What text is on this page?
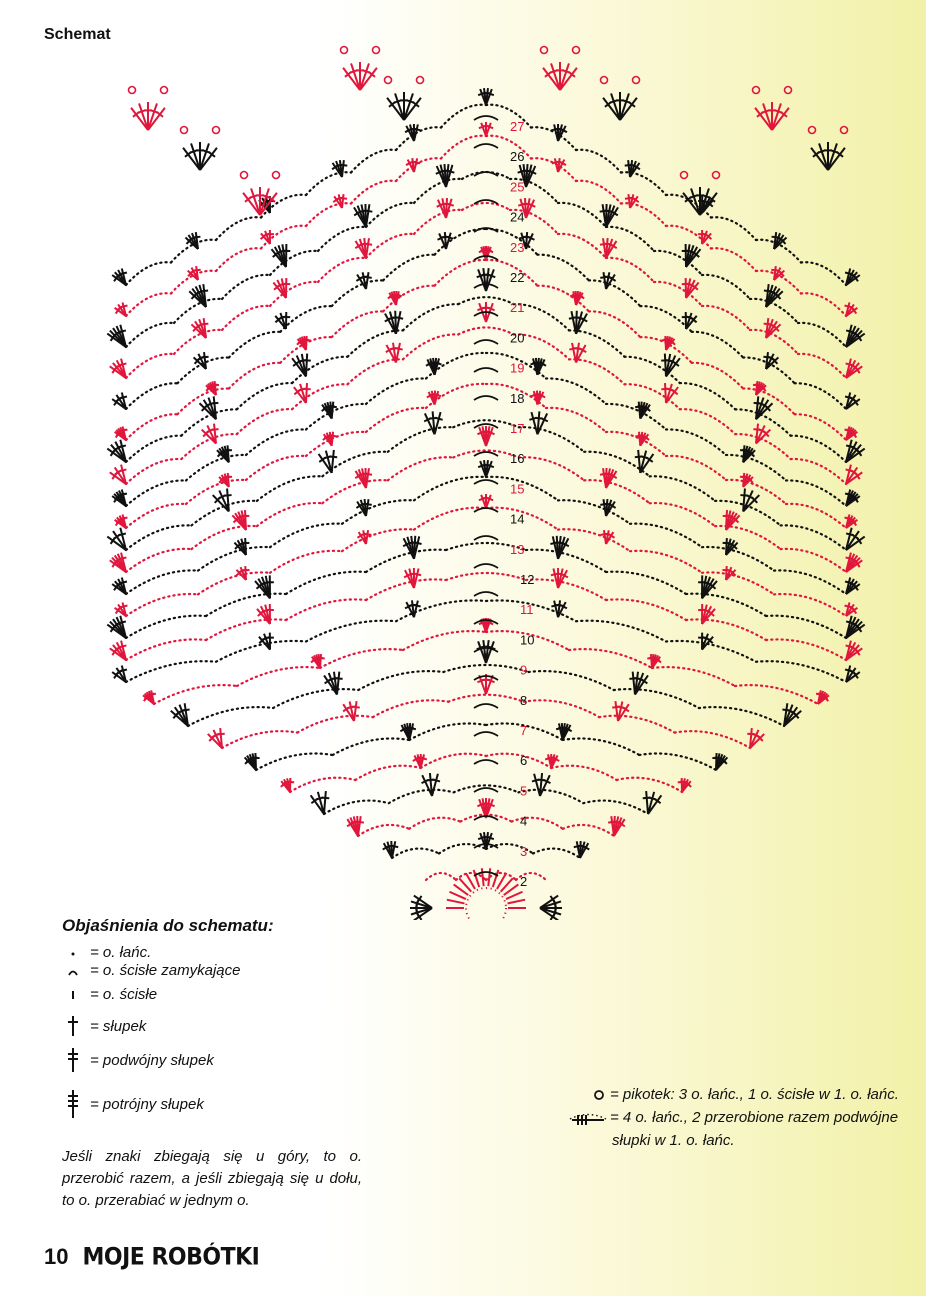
Schemat
2
3
4
5
6
7
8
9
10
11
12
13
14
15
16
17
18
19
20
21
22
23
24
25
26
27
Objaśnienia do schematu:
= o. łańc.
= o. ścisłe zamykające
= o. ścisłe
= słupek
= podwójny słupek
= potrójny słupek
Jeśli znaki zbiegają się u góry, to o. przerobić razem, a jeśli zbiegają się u dołu, to o. przerabiać w jednym o.
= pikotek: 3 o. łańc., 1 o. ścisłe w 1. o. łańc.
= 4 o. łańc., 2 przerobione razem podwójne
słupki w 1. o. łańc.
10 MOJE ROBÓTKI
